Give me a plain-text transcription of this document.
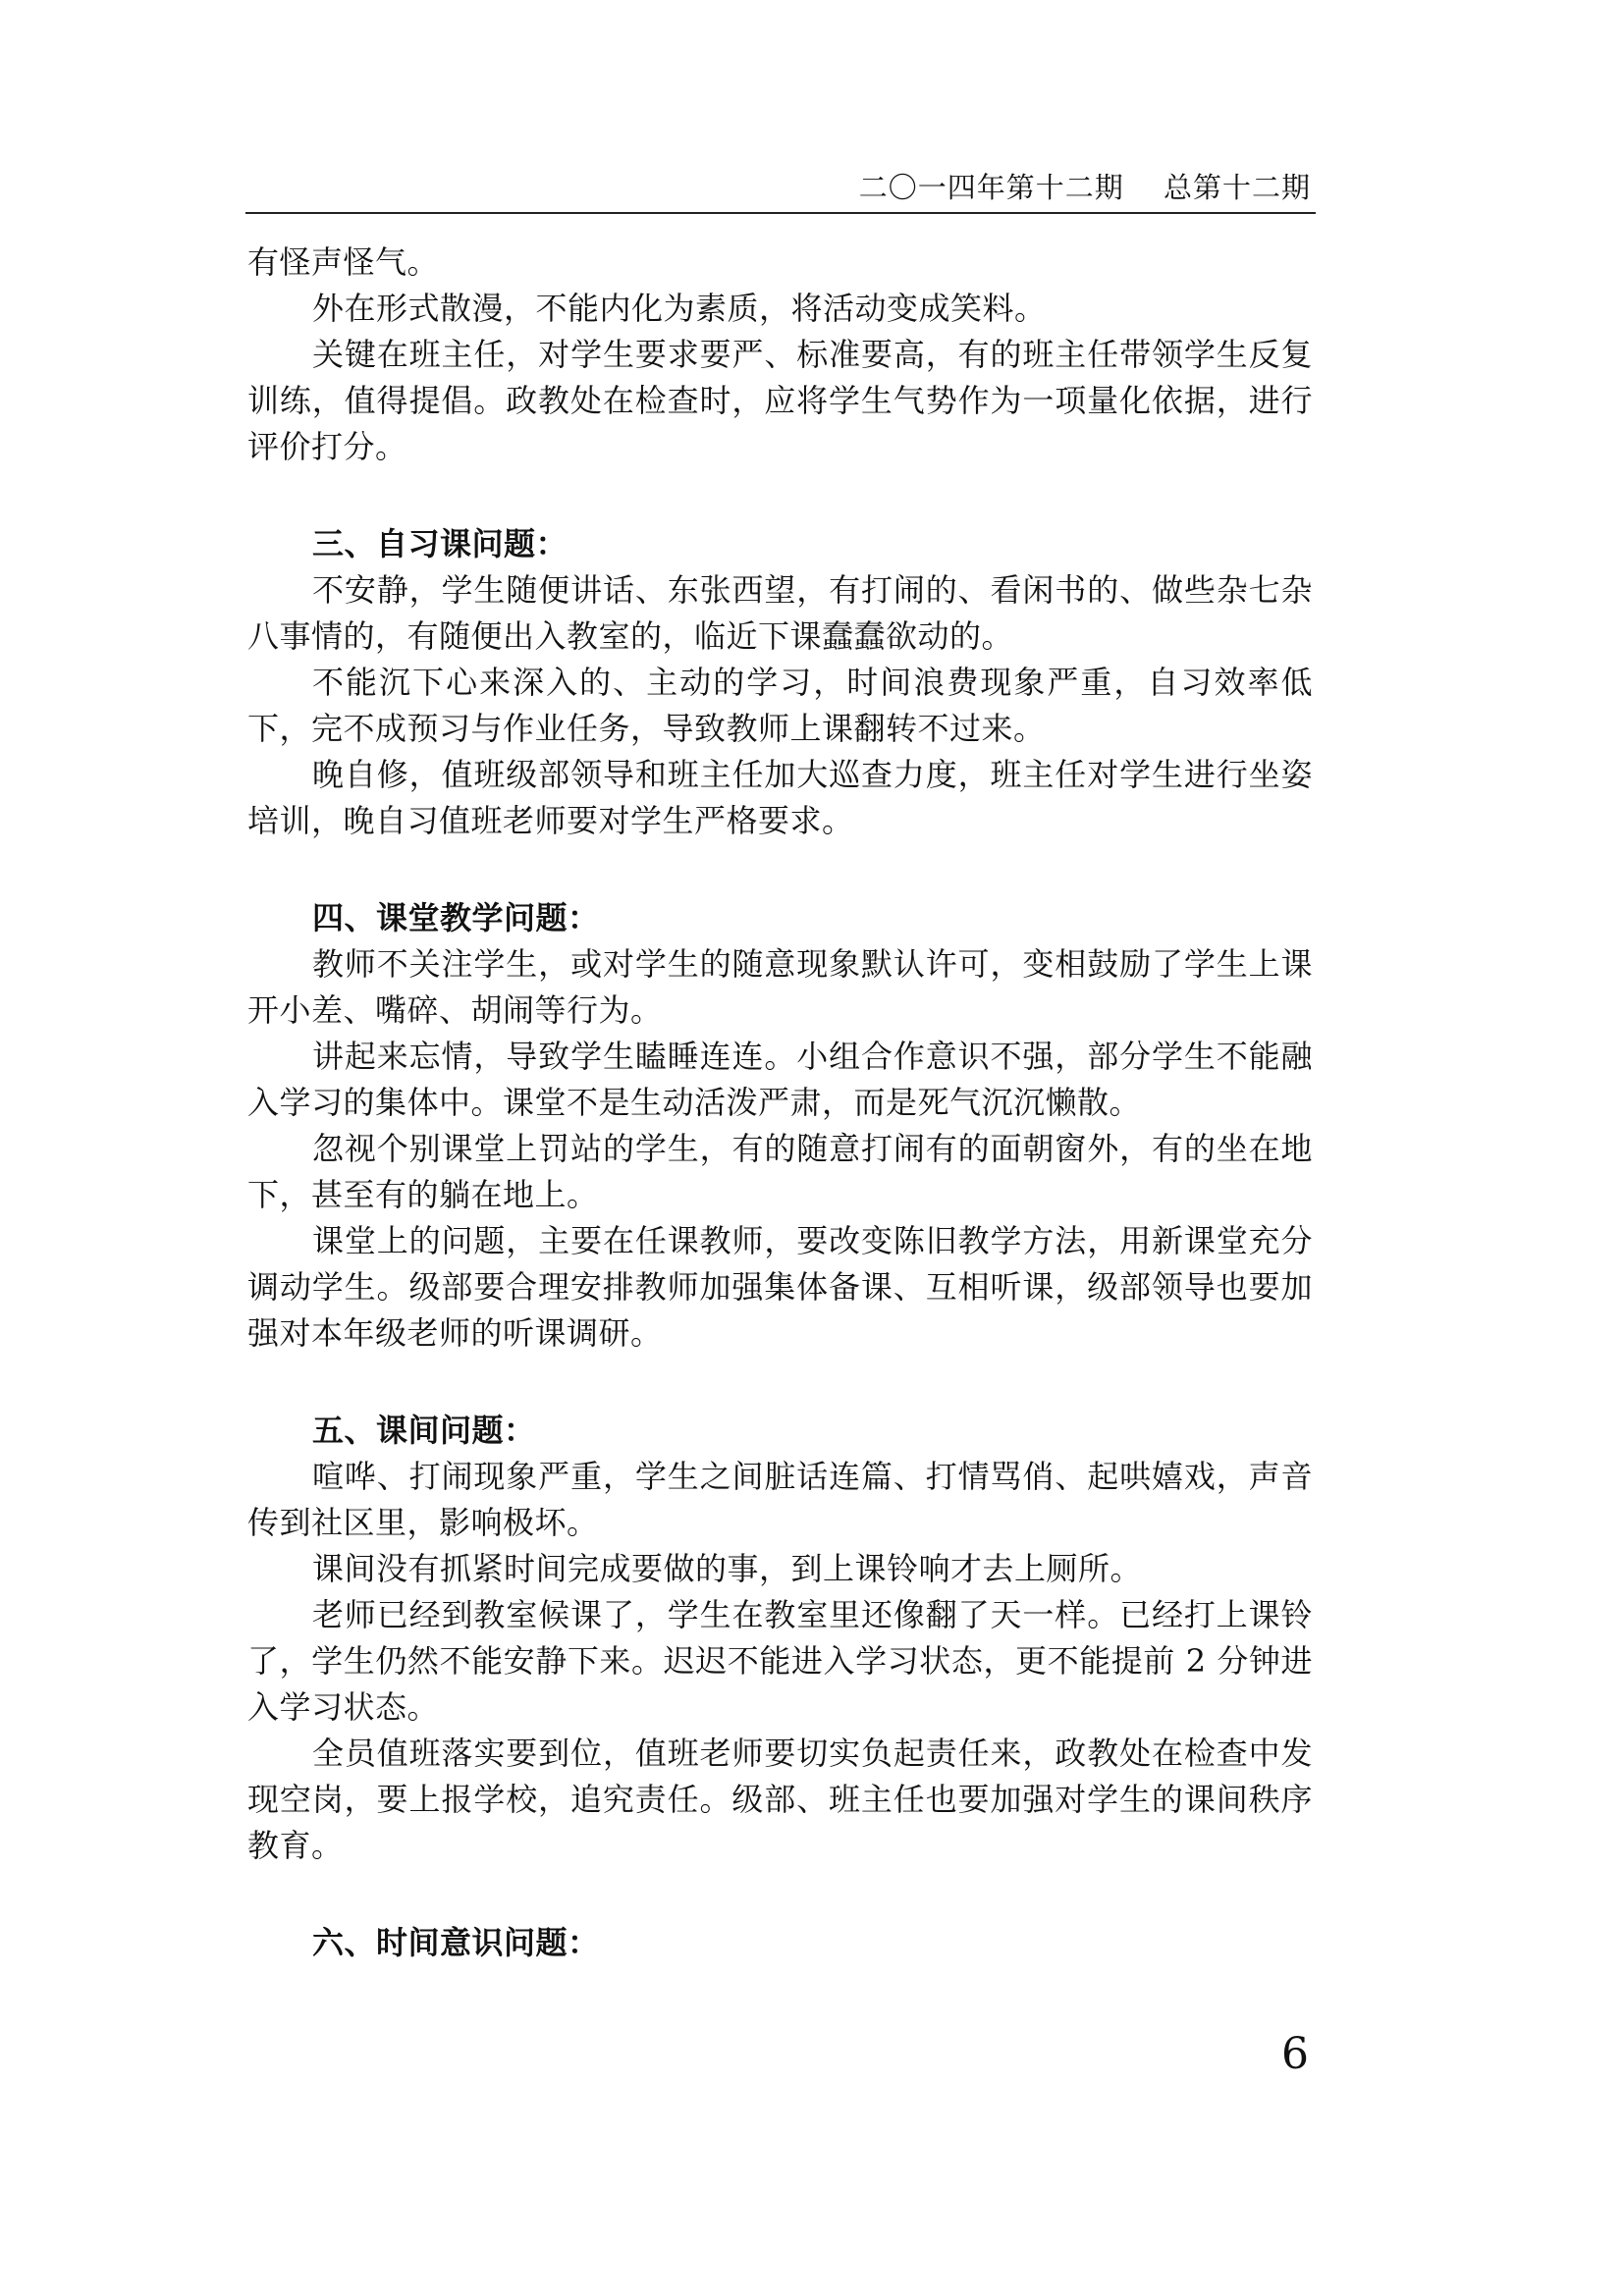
二〇一四年第十二期　 总第十二期

有怪声怪气。

外在形式散漫，不能内化为素质，将活动变成笑料。

关键在班主任，对学生要求要严、标准要高，有的班主任带领学生反复训练，值得提倡。政教处在检查时，应将学生气势作为一项量化依据，进行评价打分。

三、自习课问题：

不安静，学生随便讲话、东张西望，有打闹的、看闲书的、做些杂七杂八事情的，有随便出入教室的，临近下课蠢蠢欲动的。

不能沉下心来深入的、主动的学习，时间浪费现象严重，自习效率低下，完不成预习与作业任务，导致教师上课翻转不过来。

晚自修，值班级部领导和班主任加大巡查力度，班主任对学生进行坐姿培训，晚自习值班老师要对学生严格要求。

四、课堂教学问题：

教师不关注学生，或对学生的随意现象默认许可，变相鼓励了学生上课开小差、嘴碎、胡闹等行为。

讲起来忘情，导致学生瞌睡连连。小组合作意识不强，部分学生不能融入学习的集体中。课堂不是生动活泼严肃，而是死气沉沉懒散。

忽视个别课堂上罚站的学生，有的随意打闹有的面朝窗外，有的坐在地下，甚至有的躺在地上。

课堂上的问题，主要在任课教师，要改变陈旧教学方法，用新课堂充分调动学生。级部要合理安排教师加强集体备课、互相听课，级部领导也要加强对本年级老师的听课调研。

五、课间问题：

喧哗、打闹现象严重，学生之间脏话连篇、打情骂俏、起哄嬉戏，声音传到社区里，影响极坏。

课间没有抓紧时间完成要做的事，到上课铃响才去上厕所。

老师已经到教室候课了，学生在教室里还像翻了天一样。已经打上课铃了，学生仍然不能安静下来。迟迟不能进入学习状态，更不能提前 2 分钟进入学习状态。

全员值班落实要到位，值班老师要切实负起责任来，政教处在检查中发现空岗，要上报学校，追究责任。级部、班主任也要加强对学生的课间秩序教育。

六、时间意识问题：
6
